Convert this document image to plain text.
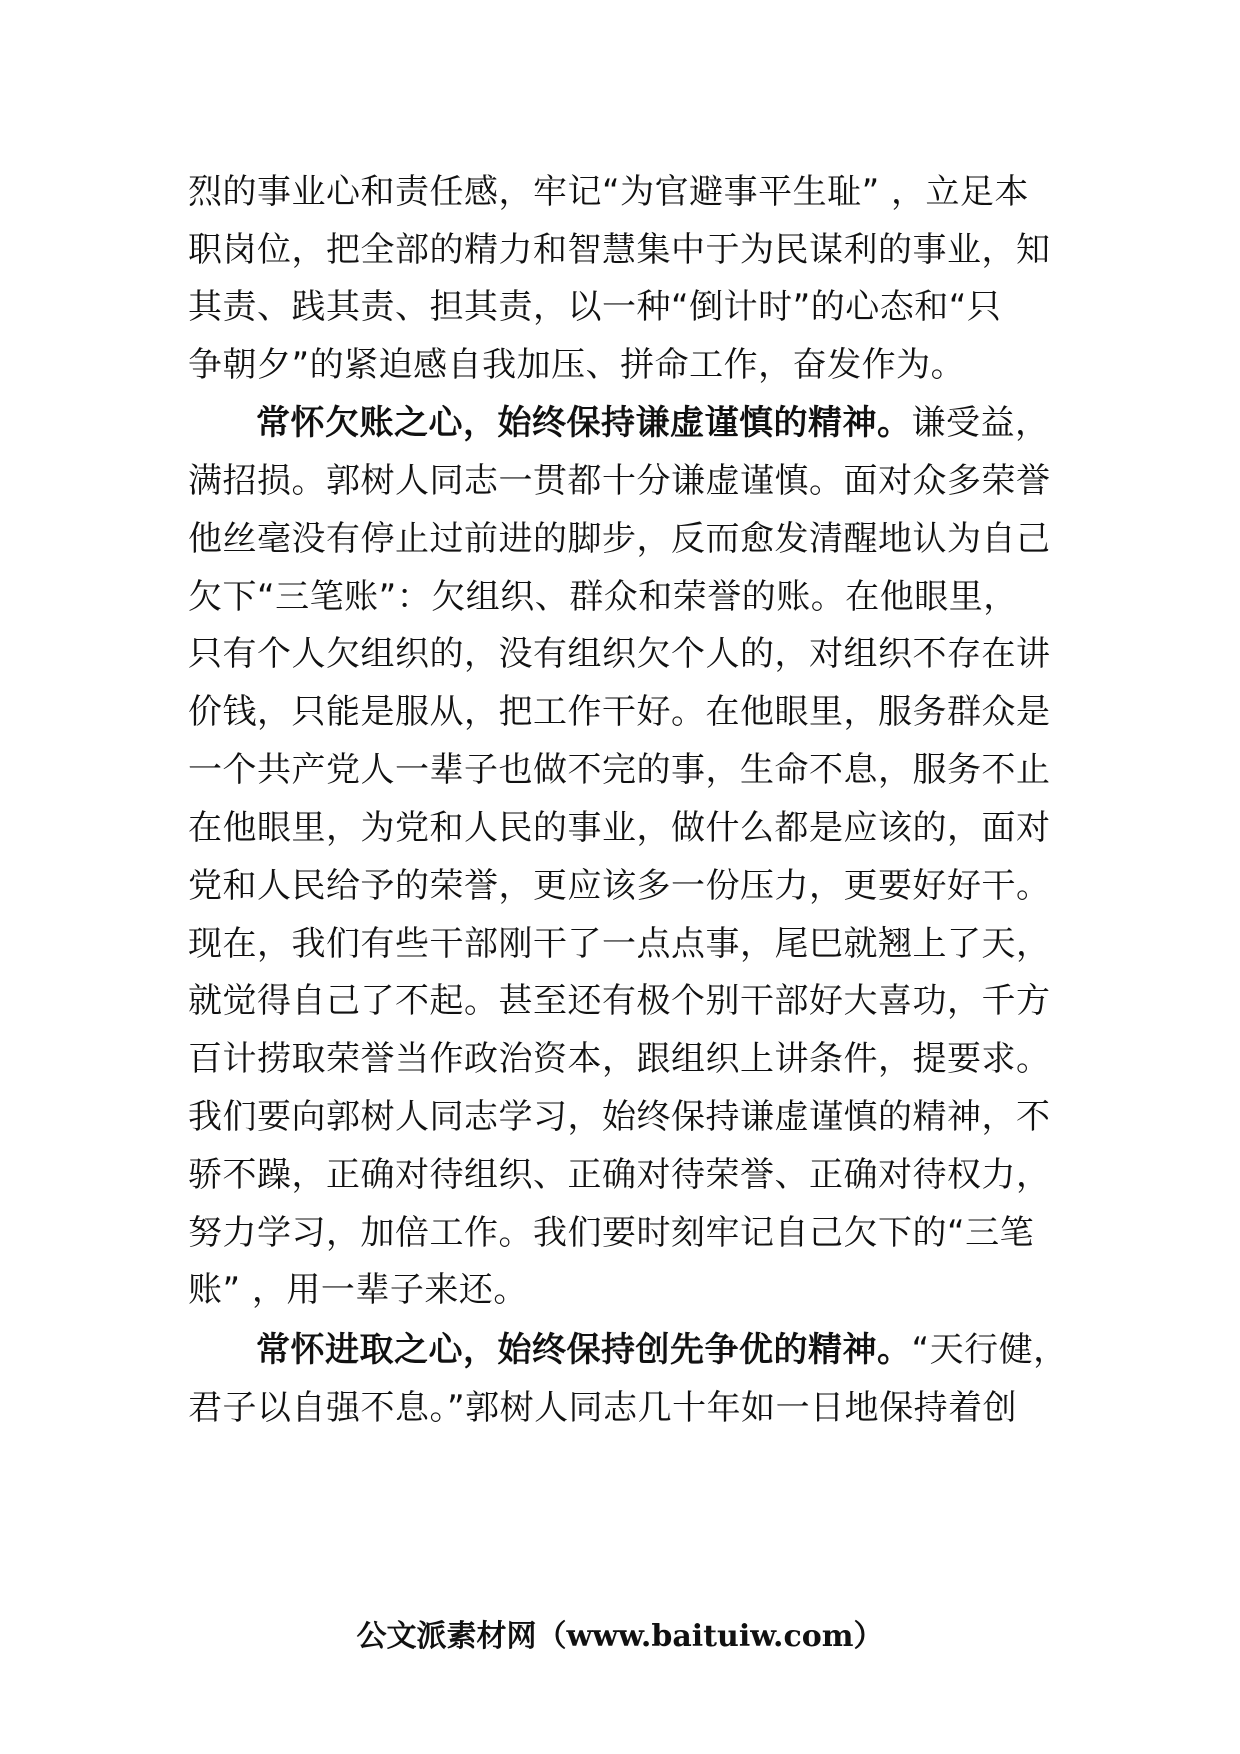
烈的事业心和责任感，牢记“为官避事平生耻” ，立足本
职岗位，把全部的精力和智慧集中于为民谋利的事业，知
其责、践其责、担其责，以一种“倒计时”的心态和“只
争朝夕”的紧迫感自我加压、拼命工作，奋发作为。
常怀欠账之心，始终保持谦虚谨慎的精神。谦受益，
满招损。郭树人同志一贯都十分谦虚谨慎。面对众多荣誉
他丝毫没有停止过前进的脚步，反而愈发清醒地认为自己
欠下“三笔账”：欠组织、群众和荣誉的账。在他眼里，
只有个人欠组织的，没有组织欠个人的，对组织不存在讲
价钱，只能是服从，把工作干好。在他眼里，服务群众是
一个共产党人一辈子也做不完的事，生命不息，服务不止
在他眼里，为党和人民的事业，做什么都是应该的，面对
党和人民给予的荣誉，更应该多一份压力，更要好好干。
现在，我们有些干部刚干了一点点事，尾巴就翘上了天，
就觉得自己了不起。甚至还有极个别干部好大喜功，千方
百计捞取荣誉当作政治资本，跟组织上讲条件，提要求。
我们要向郭树人同志学习，始终保持谦虚谨慎的精神，不
骄不躁，正确对待组织、正确对待荣誉、正确对待权力，
努力学习，加倍工作。我们要时刻牢记自己欠下的“三笔
账” ，用一辈子来还。
常怀进取之心，始终保持创先争优的精神。“天行健，
君子以自强不息。”郭树人同志几十年如一日地保持着创
公文派素材网（www.baituiw.com）
